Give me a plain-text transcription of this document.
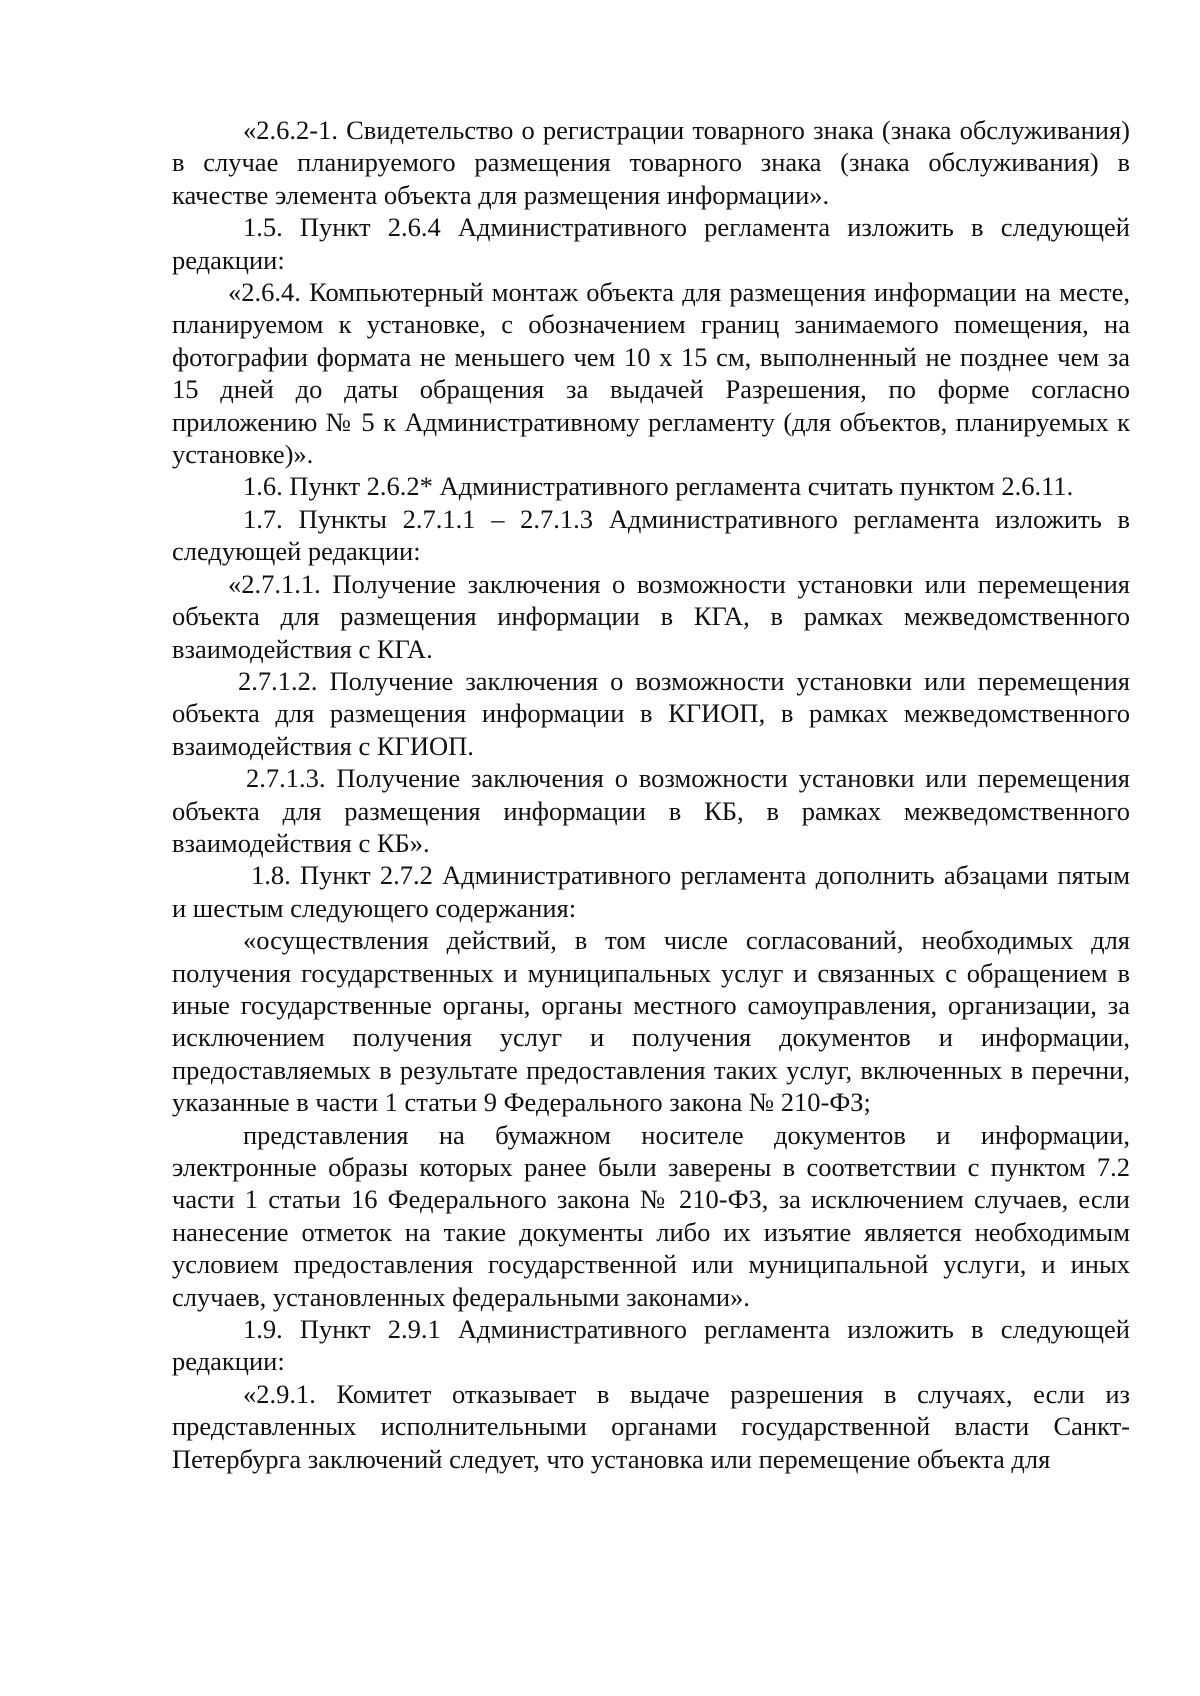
«2.6.2-1. Свидетельство о регистрации товарного знака (знака обслуживания) в случае планируемого размещения товарного знака (знака обслуживания) в качестве элемента объекта для размещения информации».

1.5. Пункт 2.6.4 Административного регламента изложить в следующей редакции:

«2.6.4. Компьютерный монтаж объекта для размещения информации на месте, планируемом к установке, с обозначением границ занимаемого помещения, на фотографии формата не меньшего чем 10 х 15 см, выполненный не позднее чем за 15 дней до даты обращения за выдачей Разрешения, по форме согласно приложению № 5 к Административному регламенту (для объектов, планируемых к установке)».

1.6. Пункт 2.6.2* Административного регламента считать пунктом 2.6.11.

1.7. Пункты 2.7.1.1 – 2.7.1.3 Административного регламента изложить в следующей редакции:

«2.7.1.1. Получение заключения о возможности установки или перемещения объекта для размещения информации в КГА, в рамках межведомственного взаимодействия с КГА.

2.7.1.2. Получение заключения о возможности установки или перемещения объекта для размещения информации в КГИОП, в рамках межведомственного взаимодействия с КГИОП.

2.7.1.3. Получение заключения о возможности установки или перемещения объекта для размещения информации в КБ, в рамках межведомственного взаимодействия с КБ».

1.8. Пункт 2.7.2 Административного регламента дополнить абзацами пятым и шестым следующего содержания:

«осуществления действий, в том числе согласований, необходимых для получения государственных и муниципальных услуг и связанных с обращением в иные государственные органы, органы местного самоуправления, организации, за исключением получения услуг и получения документов и информации, предоставляемых в результате предоставления таких услуг, включенных в перечни, указанные в части 1 статьи 9 Федерального закона № 210-ФЗ;

представления на бумажном носителе документов и информации, электронные образы которых ранее были заверены в соответствии с пунктом 7.2 части 1 статьи 16 Федерального закона № 210-ФЗ, за исключением случаев, если нанесение отметок на такие документы либо их изъятие является необходимым условием предоставления государственной или муниципальной услуги, и иных случаев, установленных федеральными законами».

1.9. Пункт 2.9.1 Административного регламента изложить в следующей редакции:

«2.9.1. Комитет отказывает в выдаче разрешения в случаях, если из представленных исполнительными органами государственной власти Санкт-Петербурга заключений следует, что установка или перемещение объекта для
